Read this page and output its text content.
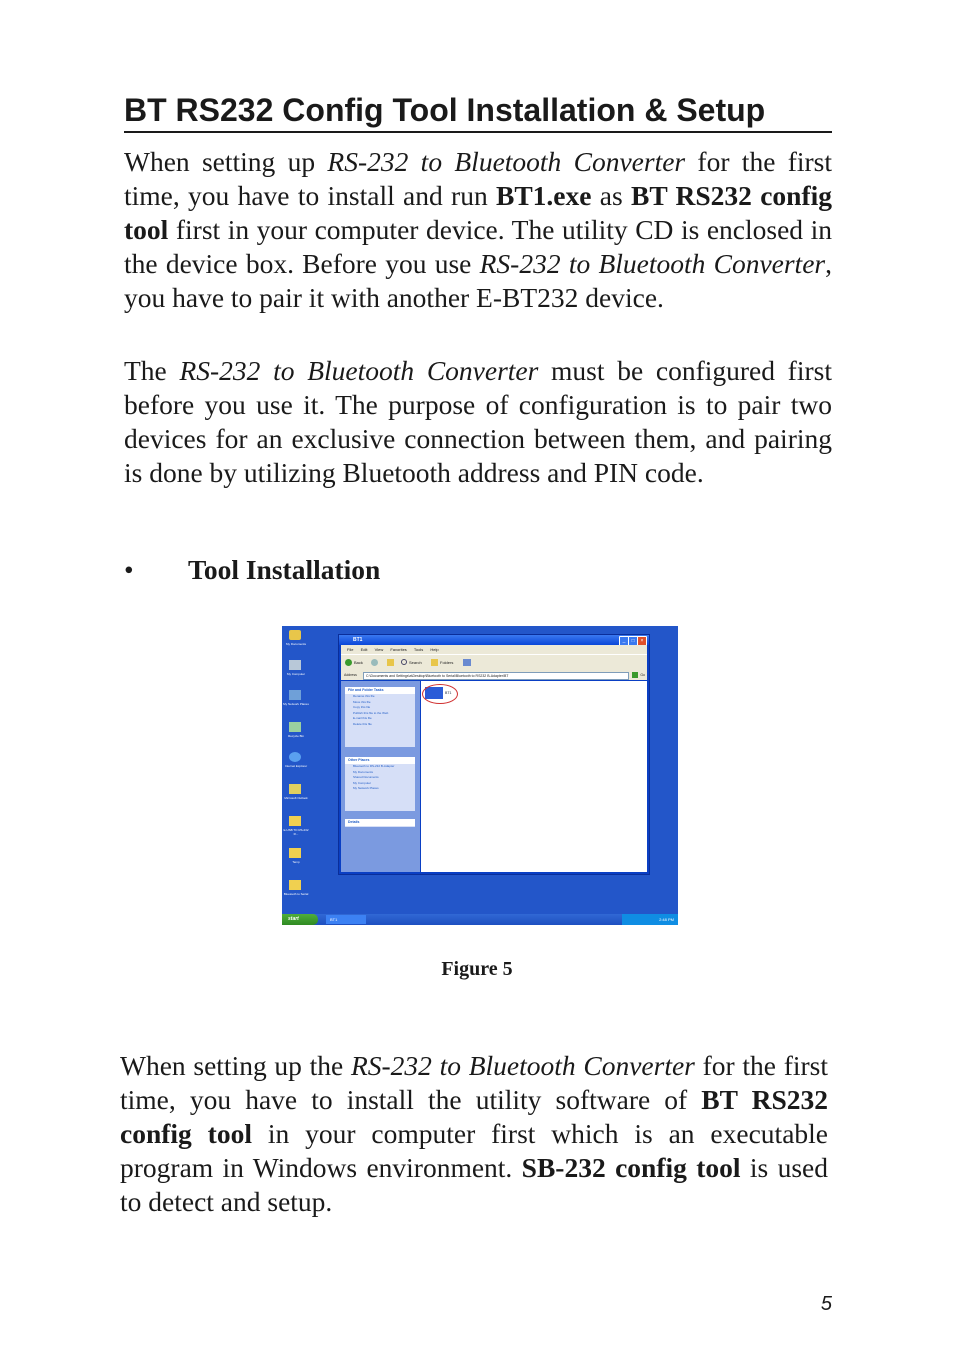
BT RS232 Config Tool Installation & Setup

When setting up RS-232 to Bluetooth Converter for the first time, you have to install and run BT1.exe as BT RS232 config tool first in your computer device. The utility CD is enclosed in the device box. Before you use RS-232 to Bluetooth Converter, you have to pair it with another E-BT232 device.

The RS-232 to Bluetooth Converter must be configured first before you use it. The purpose of configuration is to pair two devices for an exclusive connection between them, and pairing is done by utilizing Bluetooth address and PIN code.

• Tool Installation
My Documents
My Computer
My Network Places
Recycle Bin
Internet Explorer
Microsoft Outlook
E-USB TO RS-232 R...
Temp
Bluetooth to Serial
BT1	_	□	×
File Edit View Favorites Tools Help
Back	Search	Folders
Address	C:\Documents and Settings\a\Desktop\Bluetooth to Serial\Bluetooth to RS232 B-Adapter\BT	Go
File and Folder Tasks
Rename this file
Move this file
Copy this file
Publish this file to the Web
E-mail this file
Delete this file
Other Places
Bluetooth to RS-232 B-Adapter
My Documents
Shared Documents
My Computer
My Network Places
Details
BT1
start	BT1	2:48 PM
Figure 5

When setting up the RS-232 to Bluetooth Converter for the first time, you have to install the utility software of BT RS232 config tool in your computer first which is an executable program in Windows environment. SB-232 config tool is used to detect and setup.

5
